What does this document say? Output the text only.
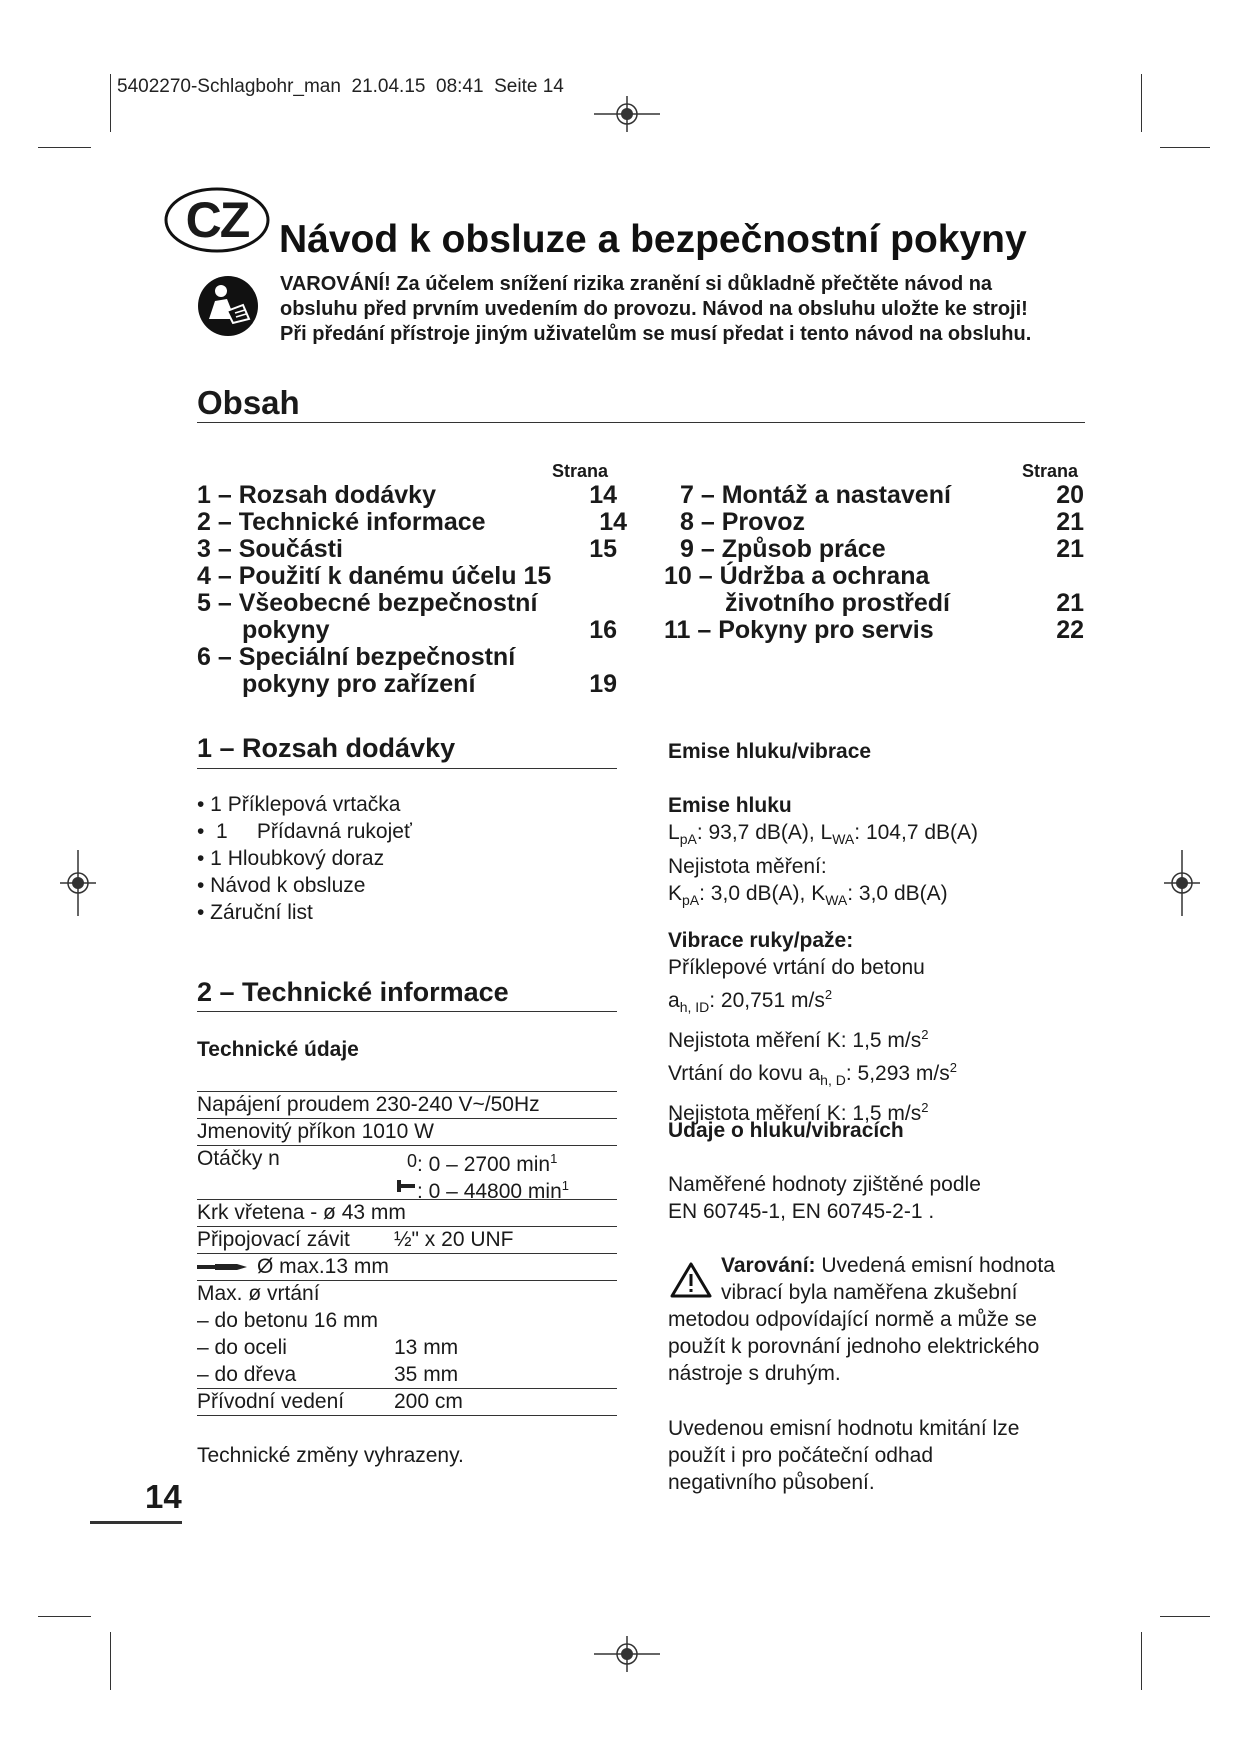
5402270-Schlagbohr_man  21.04.15  08:41  Seite 14
CZ Návod k obsluze a bezpečnostní pokyny
VAROVÁNÍ! Za účelem snížení rizika zranění si důkladně přečtěte návod na
obsluhu před prvním uvedením do provozu. Návod na obsluhu uložte ke stroji!
Při předání přístroje jiným uživatelům se musí předat i tento návod na obsluhu.
Obsah
Strana
1 – Rozsah dodávky	14
2 – Technické informace	14
3 – Součásti	15
4 – Použití k danému účelu 15
5 – Všeobecné bezpečnostní
pokyny	16
6 – Speciální bezpečnostní
pokyny pro zařízení	19
Strana
7 – Montáž a nastavení	20
8 – Provoz	21
9 – Způsob práce	21
10 – Údržba a ochrana
životního prostředí	21
11 – Pokyny pro servis	22
1 – Rozsah dodávky
• 1 Příklepová vrtačka
•  1     Přídavná rukojeť
• 1 Hloubkový doraz
• Návod k obsluze
• Záruční list
2 – Technické informace
Technické údaje
Napájení proudem 230-240 V~/50Hz
Jmenovitý příkon 1010 W
Otáčky n	0 : 0 – 2700 $\min^1$
: 0 – 44800 $\min^1$
Krk vřetena - ø 43 mm
Připojovací závit ½" x 20 UNF
Ø max.13 mm
Max. ø vrtání
– do betonu 16 mm
– do oceli	13 mm
– do dřeva	35 mm
Přívodní vedení 200 cm
Technické změny vyhrazeny.
Emise hluku/vibrace
Emise hluku
$L_{pA}$: 93,7 dB(A), $L_{WA}$: 104,7 dB(A)
Nejistota měření:
$K_{pA}$: 3,0 dB(A), $K_{WA}$: 3,0 dB(A)
Vibrace ruky/paže:
Příklepové vrtání do betonu
$a_{h, ID}$: 20,751 $m/s^2$
Nejistota měření K: 1,5 $m/s^2$
Vrtání do kovu $a_{h, D}$: 5,293 $m/s^2$
Nejistota měření K: 1,5 $m/s^2$
Údaje o hluku/vibracích
Naměřené hodnoty zjištěné podle
EN 60745-1, EN 60745-2-1 .
Varování: Uvedená emisní hodnota
vibrací byla naměřena zkušební
metodou odpovídající normě a může se
použít k porovnání jednoho elektrického
nástroje s druhým.
Uvedenou emisní hodnotu kmitání lze
použít i pro počáteční odhad
negativního působení.
14
